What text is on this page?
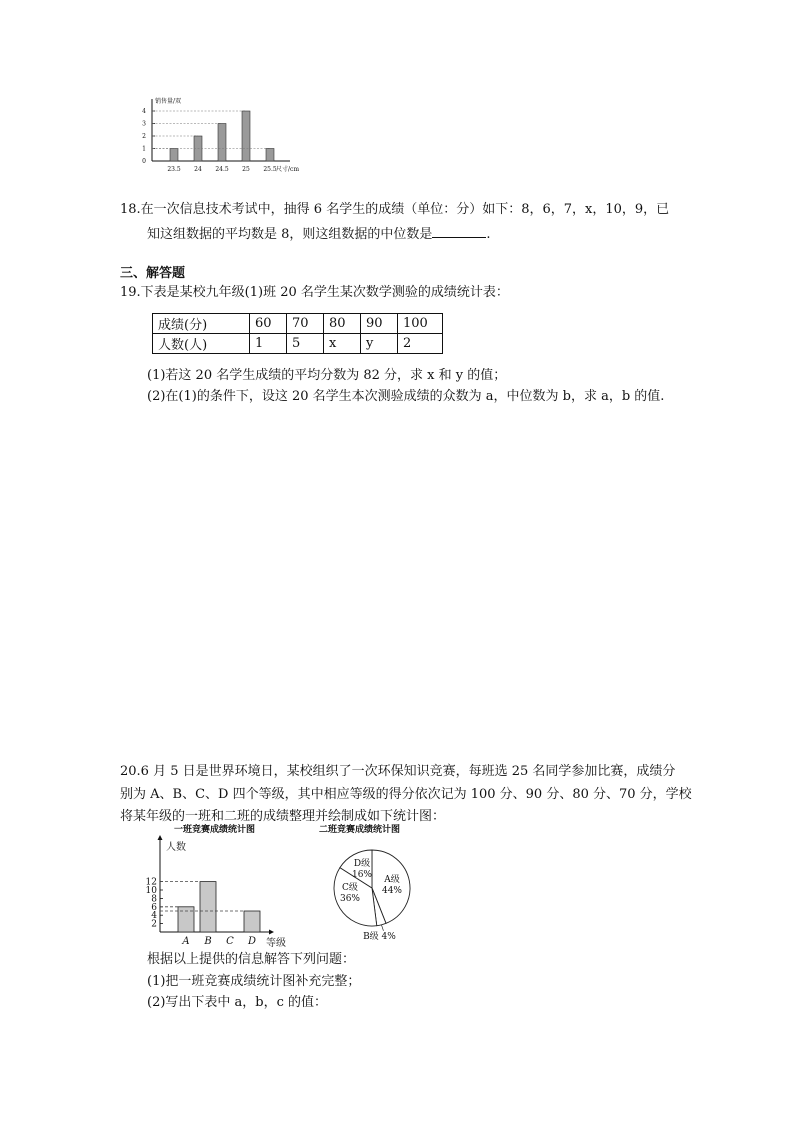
销售量/双
尺寸/cm
0
1
2
3
4
23.5 24 24.5 25 25.5
18.在一次信息技术考试中，抽得 6 名学生的成绩（单位：分）如下：8，6，7，x，10，9，已
知这组数据的平均数是 8，则这组数据的中位数是	.
三、解答题
19.下表是某校九年级(1)班 20 名学生某次数学测验的成绩统计表：
成绩(分)	60	70	80	90	100
人数(人)	1	5	x	y	2
(1)若这 20 名学生成绩的平均分数为 82 分，求 x 和 y 的值；
(2)在(1)的条件下，设这 20 名学生本次测验成绩的众数为 a，中位数为 b，求 a，b 的值.
20.6 月 5 日是世界环境日，某校组织了一次环保知识竞赛，每班选 25 名同学参加比赛，成绩分
别为 A、B、C、D 四个等级，其中相应等级的得分依次记为 100 分、90 分、80 分、70 分，学校
将某年级的一班和二班的成绩整理并绘制成如下统计图：
一班竞赛成绩统计图
人数
等级
2
4
6
8
10
12
A B C D
二班竞赛成绩统计图
A级
44%
C级
36%
D级
16%
B级 4%
根据以上提供的信息解答下列问题：
(1)把一班竞赛成绩统计图补充完整；
(2)写出下表中 a，b，c 的值：
